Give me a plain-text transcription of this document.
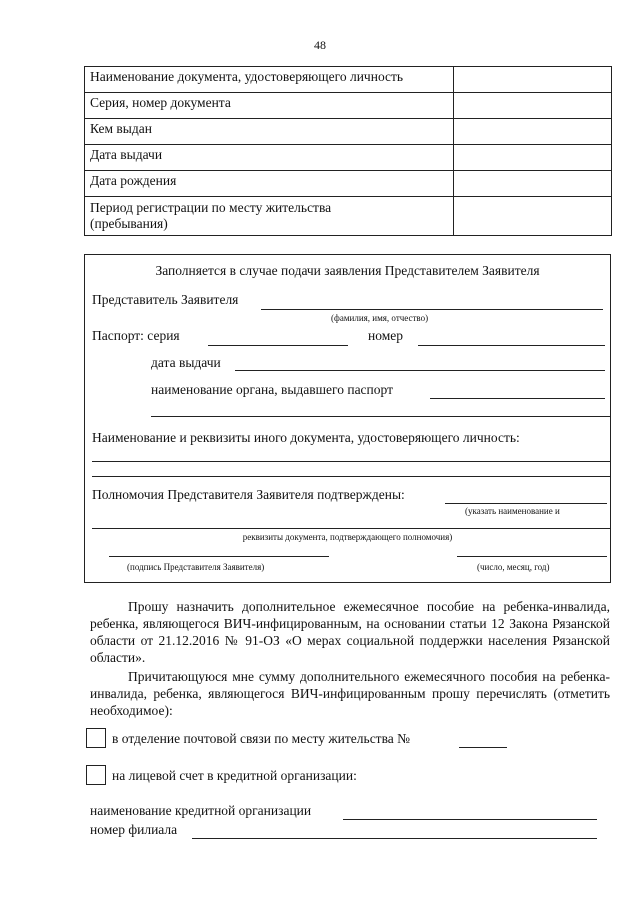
48
Наименование документа, удостоверяющего личность	
Серия, номер документа	
Кем выдан	
Дата выдачи	
Дата рождения	

Период регистрации по месту жительства
(пребывания)	

Заполняется в случае подачи заявления Представителем Заявителя
Представитель Заявителя
(фамилия, имя, отчество)
Паспорт: серия	номер
дата выдачи
наименование органа, выдавшего паспорт
Наименование и реквизиты иного документа, удостоверяющего личность:
Полномочия Представителя Заявителя подтверждены:
(указать наименование и
реквизиты документа, подтверждающего полномочия)
(подпись Представителя Заявителя)	(число, месяц, год)
Прошу назначить дополнительное ежемесячное пособие на ребенка-инвалида, ребенка, являющегося ВИЧ-инфицированным, на основании статьи 12 Закона Рязанской области от 21.12.2016 № 91-ОЗ «О мерах социальной поддержки населения Рязанской области».
Причитающуюся мне сумму дополнительного ежемесячного пособия на ребенка-инвалида, ребенка, являющегося ВИЧ-инфицированным прошу перечислять (отметить необходимое):
в отделение почтовой связи по месту жительства №
на лицевой счет в кредитной организации:
наименование кредитной организации
номер филиала
